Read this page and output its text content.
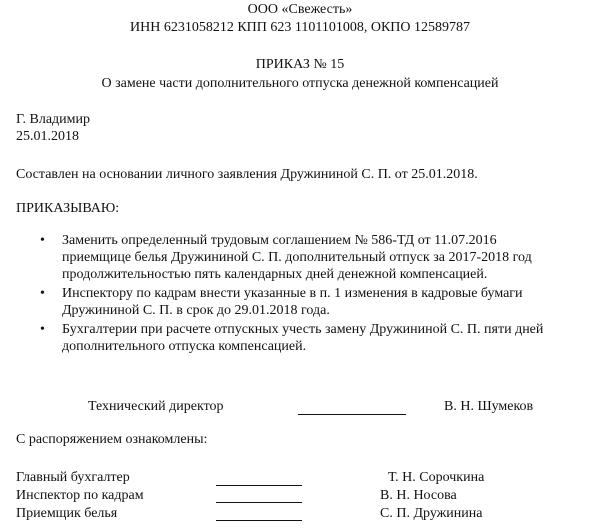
ООО «Свежесть»
ИНН 6231058212 КПП 623 1101101008, ОКПО 12589787
ПРИКАЗ № 15
О замене части дополнительного отпуска денежной компенсацией
Г. Владимир
25.01.2018
Составлен на основании личного заявления Дружининой С. П. от 25.01.2018.
ПРИКАЗЫВАЮ:
• Заменить определенный трудовым соглашением № 586-ТД от 11.07.2016
приемщице белья Дружининой С. П. дополнительный отпуск за 2017-2018 год
продолжительностью пять календарных дней денежной компенсацией.
• Инспектору по кадрам внести указанные в п. 1 изменения в кадровые бумаги
Дружининой С. П. в срок до 29.01.2018 года.
• Бухгалтерии при расчете отпускных учесть замену Дружининой С. П. пяти дней
дополнительного отпуска компенсацией.
Технический директор	В. Н. Шумеков
С распоряжением ознакомлены:
Главный бухгалтер	Т. Н. Сорочкина
Инспектор по кадрам	В. Н. Носова
Приемщик белья	С. П. Дружинина
